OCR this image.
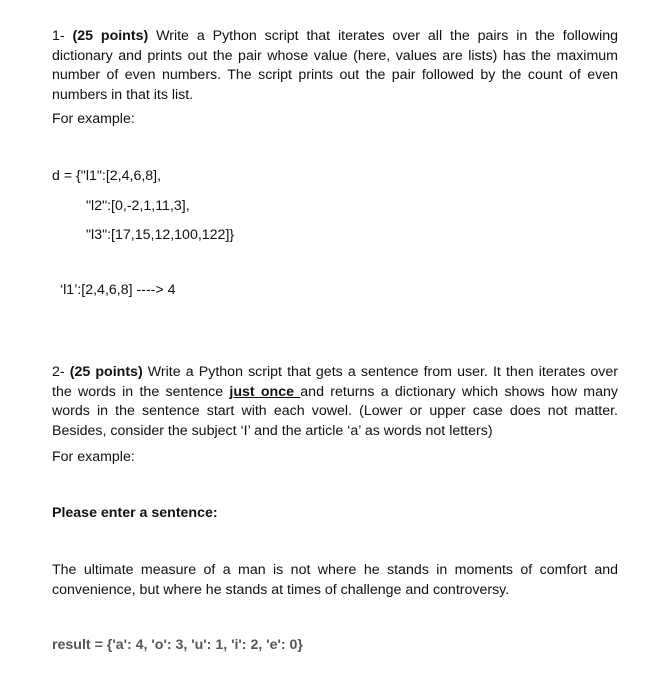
1- (25 points) Write a Python script that iterates over all the pairs in the following dictionary and prints out the pair whose value (here, values are lists) has the maximum number of even numbers. The script prints out the pair followed by the count of even numbers in that its list.
For example:
d = {"l1":[2,4,6,8],
"l2":[0,-2,1,11,3],
"l3":[17,15,12,100,122]}
‘l1’:[2,4,6,8] ----> 4
2- (25 points) Write a Python script that gets a sentence from user. It then iterates over the words in the sentence just once and returns a dictionary which shows how many words in the sentence start with each vowel. (Lower or upper case does not matter. Besides, consider the subject ‘I’ and the article ‘a’ as words not letters)
For example:
Please enter a sentence:
The ultimate measure of a man is not where he stands in moments of comfort and convenience, but where he stands at times of challenge and controversy.
result = {'a': 4, 'o': 3, 'u': 1, 'i': 2, 'e': 0}
